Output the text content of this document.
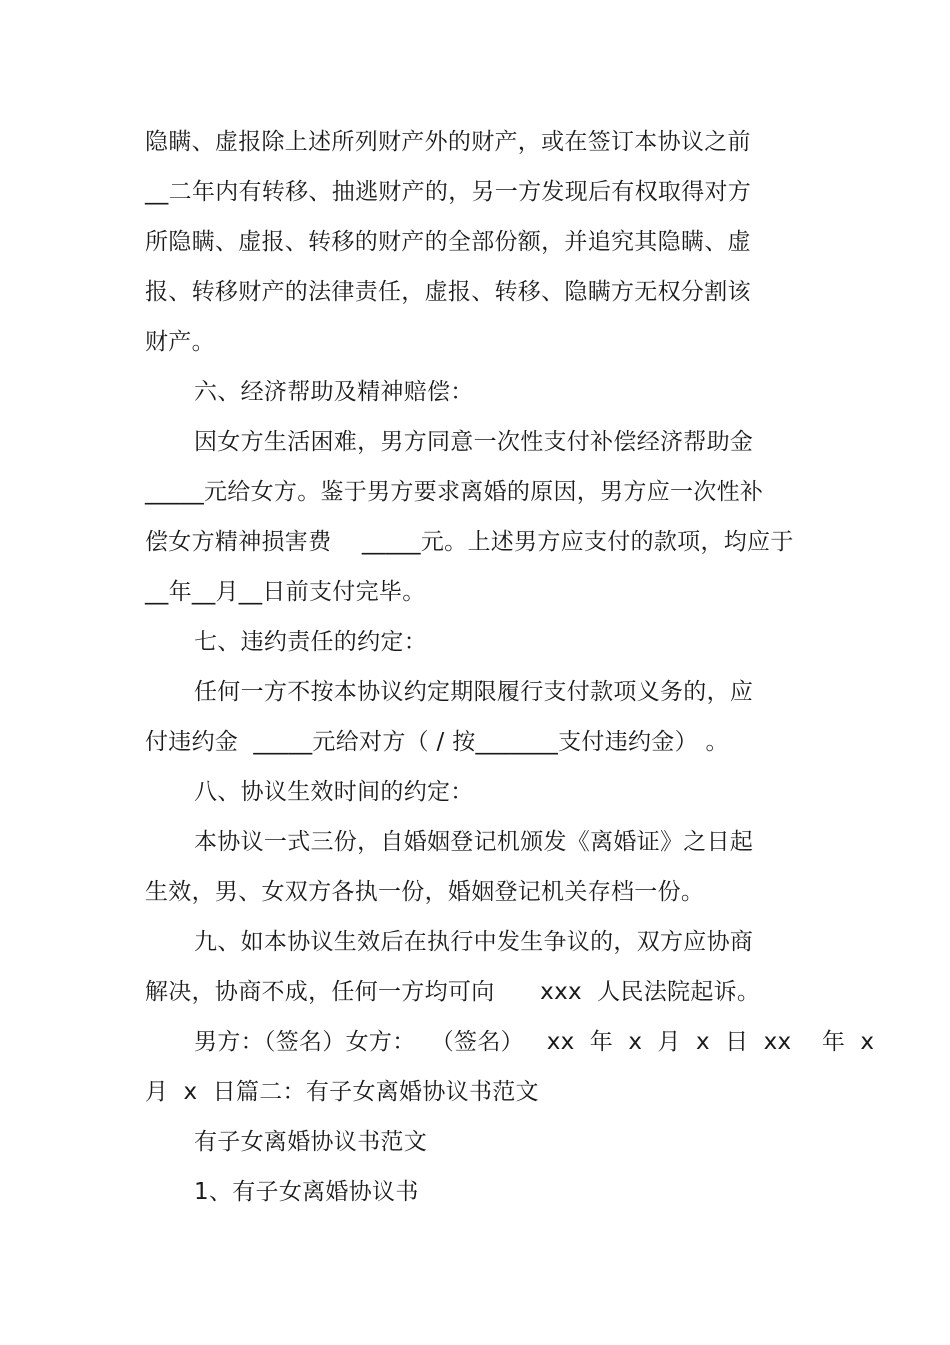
隐瞒、虚报除上述所列财产外的财产，或在签订本协议之前
__二年内有转移、抽逃财产的，另一方发现后有权取得对方
所隐瞒、虚报、转移的财产的全部份额，并追究其隐瞒、虚
报、转移财产的法律责任，虚报、转移、隐瞒方无权分割该
财产。
六、经济帮助及精神赔偿：
因女方生活困难，男方同意一次性支付补偿经济帮助金
_____元给女方。鉴于男方要求离婚的原因，男方应一次性补
偿女方精神损害费    _____元。上述男方应支付的款项，均应于
__年__月__日前支付完毕。
七、违约责任的约定：
任何一方不按本协议约定期限履行支付款项义务的，应
付违约金  _____元给对方（ / 按_______支付违约金） 。
八、协议生效时间的约定：
本协议一式三份，自婚姻登记机颁发《离婚证》之日起
生效，男、女双方各执一份，婚姻登记机关存档一份。
九、如本协议生效后在执行中发生争议的，双方应协商
解决，协商不成，任何一方均可向      xxx  人民法院起诉。
男方：（签名）女方：  （签名）   xx  年  x  月  x  日  xx    年  x
月  x  日篇二：有子女离婚协议书范文
有子女离婚协议书范文
1、有子女离婚协议书
